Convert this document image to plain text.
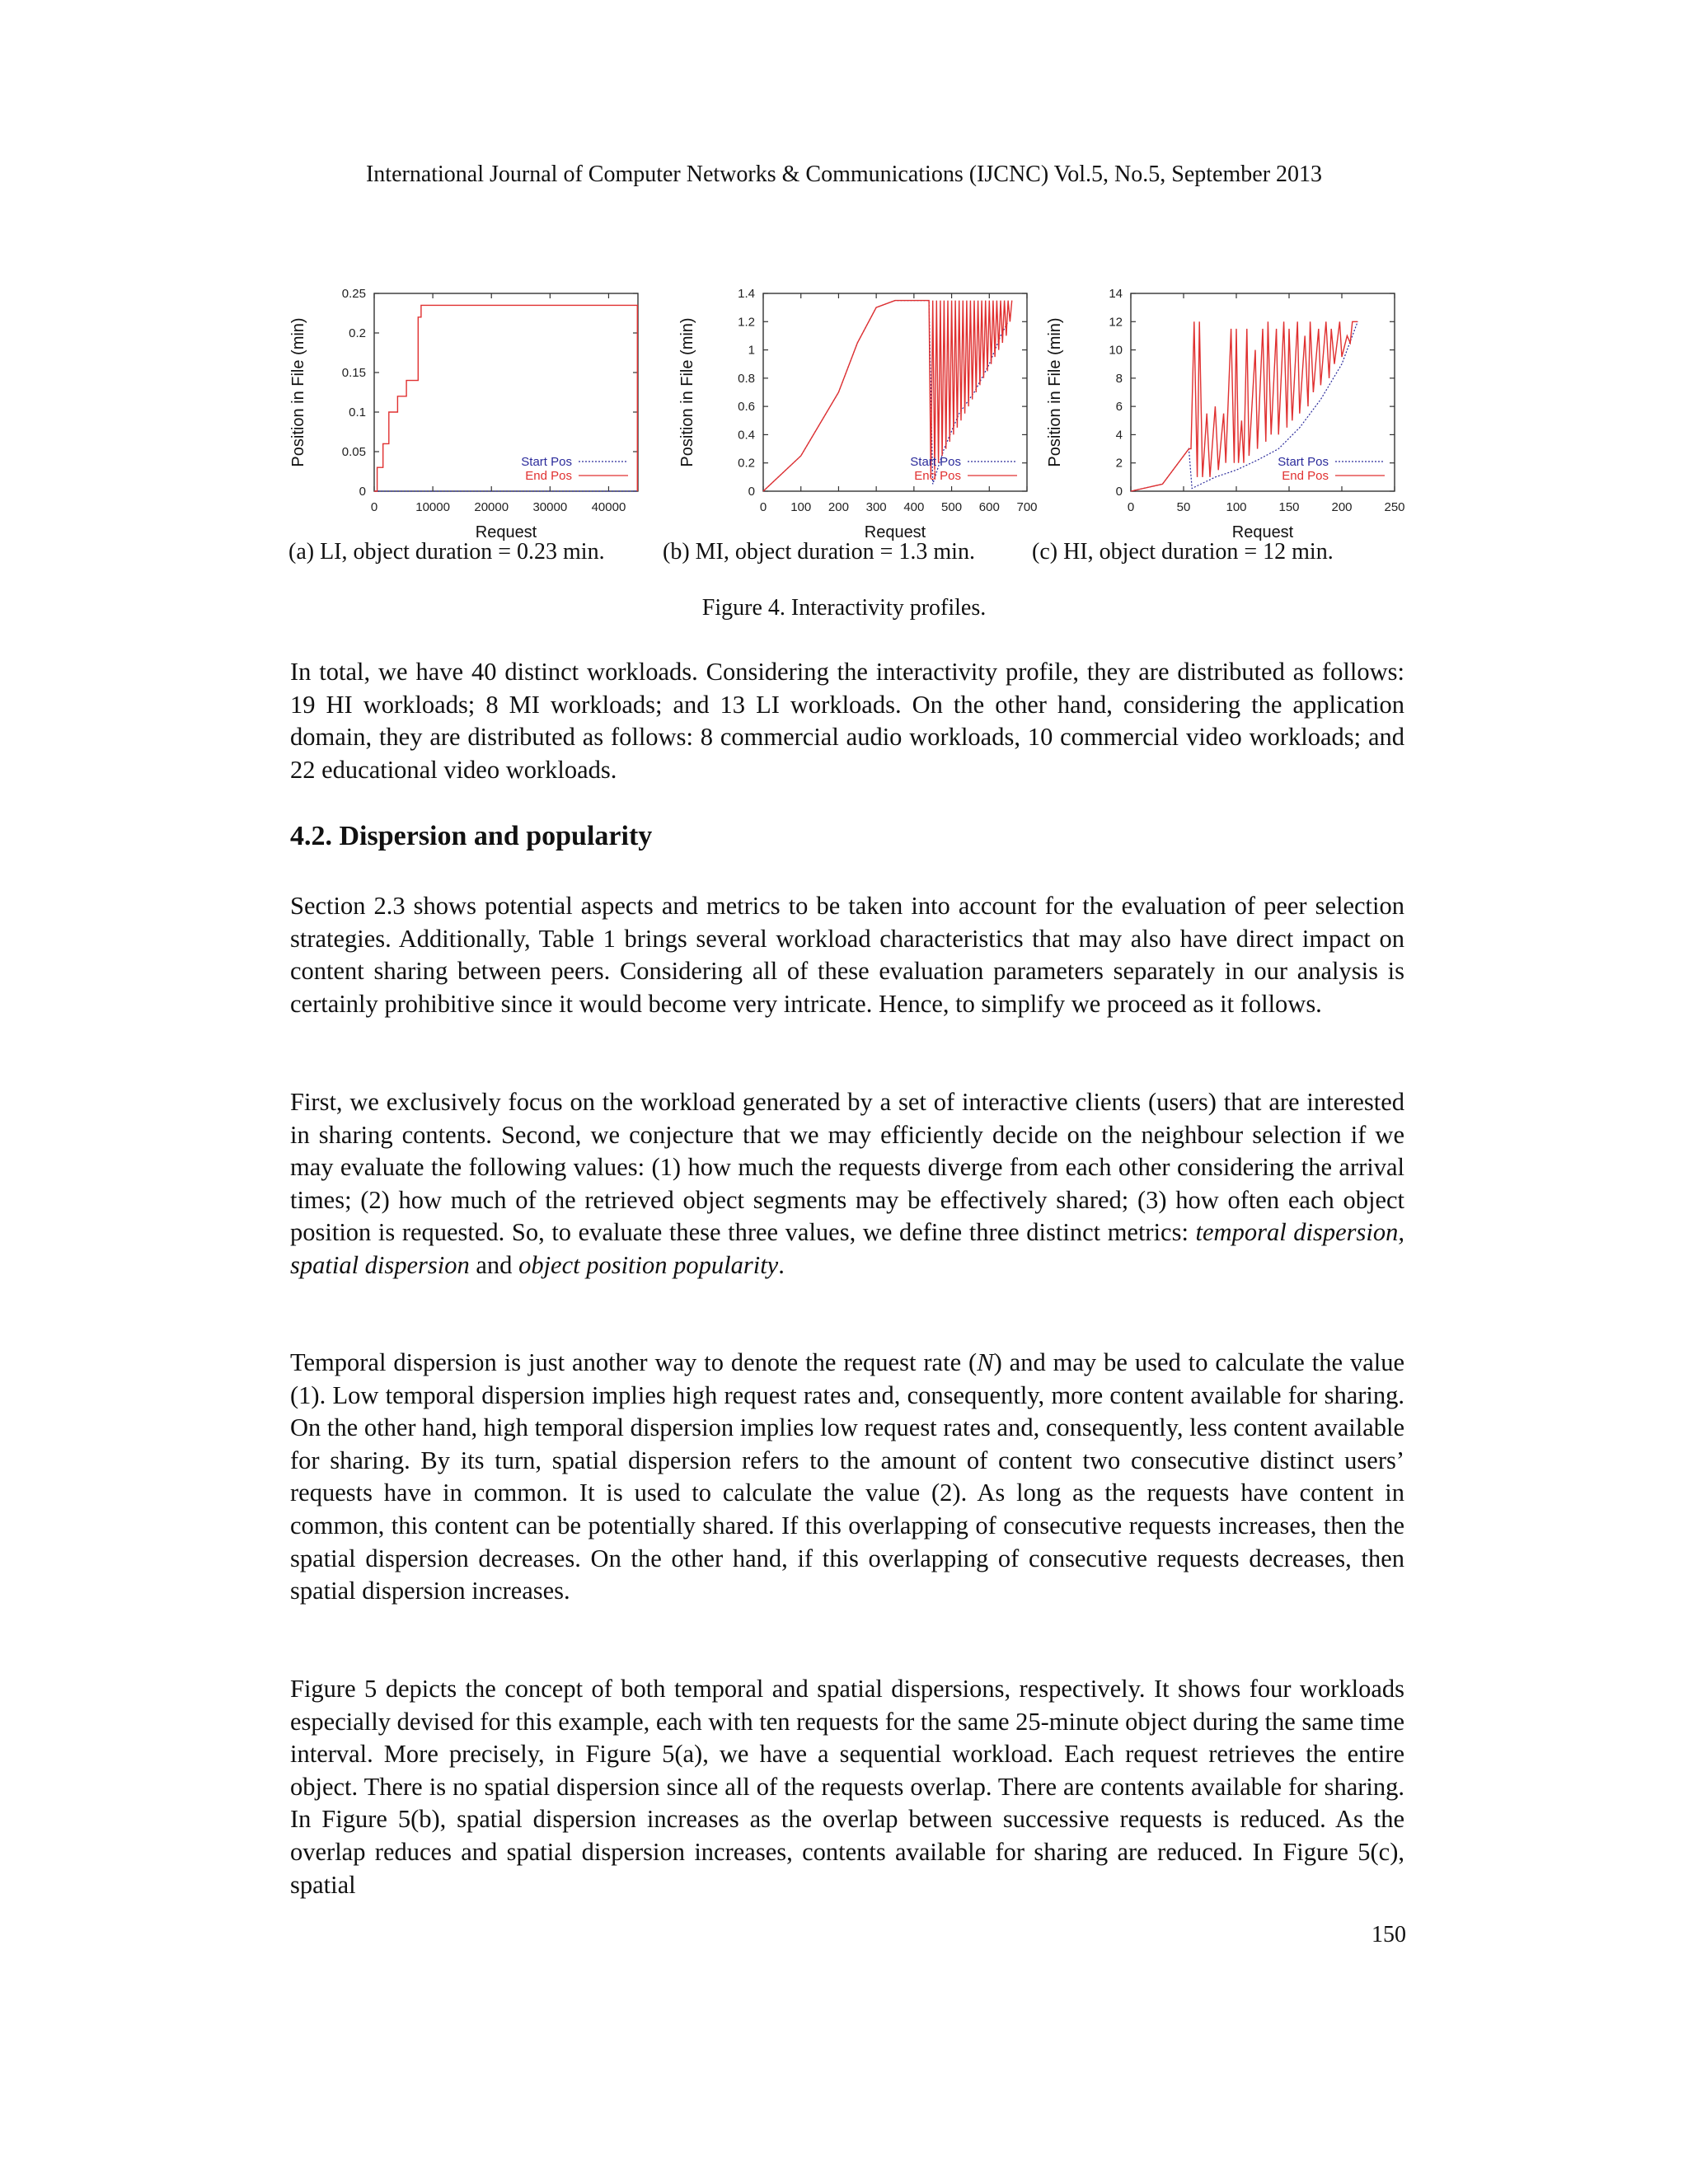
International Journal of Computer Networks & Communications (IJCNC) Vol.5, No.5, September 2013
0
0.05
0.1
0.15
0.2
0.25
0	10000 20000 30000 40000
Request
Position in File (min)	Start Pos
End Pos
0
0.2
0.4
0.6
0.8
1
1.2
1.4
0 100 200 300 400 500 600 700
Request
Position in File (min)	Start Pos
End Pos
0
2
4
6
8
10
12
14
0	50	100	150	200	250
Request
Position in File (min)	Start Pos
End Pos
(a) LI, object duration = 0.23 min.	(b) MI, object duration = 1.3 min. (c) HI, object duration = 12 min.
Figure 4. Interactivity profiles.

In total, we have 40 distinct workloads. Considering the interactivity profile, they are distributed as follows: 19 HI workloads; 8 MI workloads; and 13 LI workloads. On the other hand, considering the application domain, they are distributed as follows: 8 commercial audio workloads, 10 commercial video workloads; and 22 educational video workloads.

4.2. Dispersion and popularity

Section 2.3 shows potential aspects and metrics to be taken into account for the evaluation of peer selection strategies. Additionally, Table 1 brings several workload characteristics that may also have direct impact on content sharing between peers. Considering all of these evaluation parameters separately in our analysis is certainly prohibitive since it would become very intricate. Hence, to simplify we proceed as it follows.

First, we exclusively focus on the workload generated by a set of interactive clients (users) that are interested in sharing contents. Second, we conjecture that we may efficiently decide on the neighbour selection if we may evaluate the following values: (1) how much the requests diverge from each other considering the arrival times; (2) how much of the retrieved object segments may be effectively shared; (3) how often each object position is requested. So, to evaluate these three values, we define three distinct metrics: temporal dispersion, spatial dispersion and object position popularity.

Temporal dispersion is just another way to denote the request rate (N) and may be used to calculate the value (1). Low temporal dispersion implies high request rates and, consequently, more content available for sharing. On the other hand, high temporal dispersion implies low request rates and, consequently, less content available for sharing. By its turn, spatial dispersion refers to the amount of content two consecutive distinct users’ requests have in common. It is used to calculate the value (2). As long as the requests have content in common, this content can be potentially shared. If this overlapping of consecutive requests increases, then the spatial dispersion decreases. On the other hand, if this overlapping of consecutive requests decreases, then spatial dispersion increases.

Figure 5 depicts the concept of both temporal and spatial dispersions, respectively. It shows four workloads especially devised for this example, each with ten requests for the same 25-minute object during the same time interval. More precisely, in Figure 5(a), we have a sequential workload. Each request retrieves the entire object. There is no spatial dispersion since all of the requests overlap. There are contents available for sharing. In Figure 5(b), spatial dispersion increases as the overlap between successive requests is reduced. As the overlap reduces and spatial dispersion increases, contents available for sharing are reduced. In Figure 5(c), spatial

150
